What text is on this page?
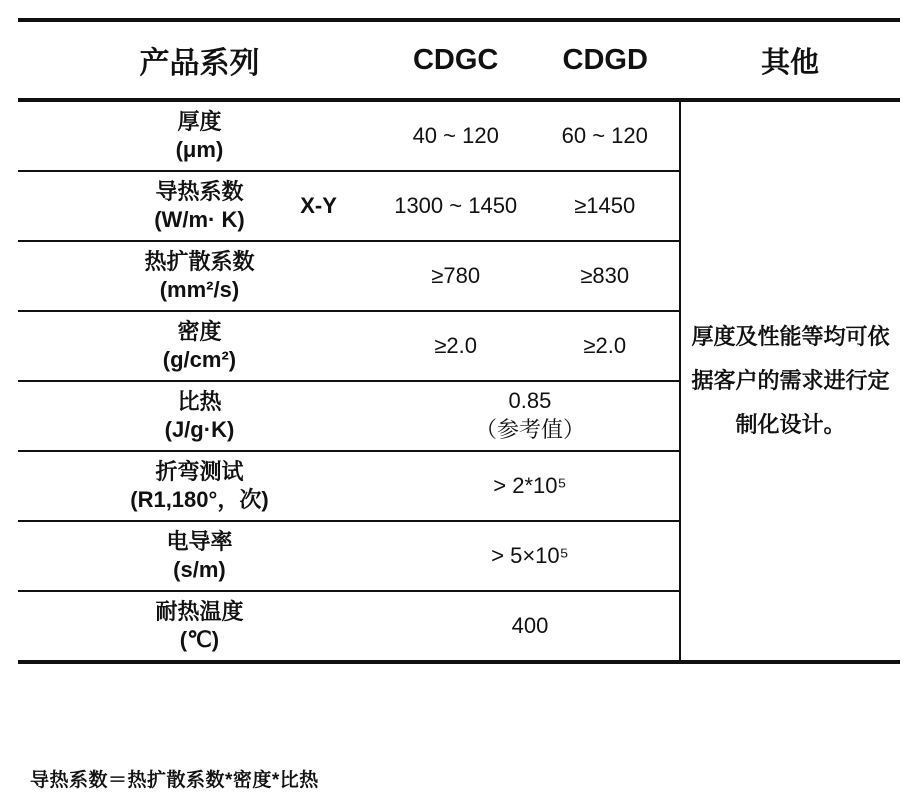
产品系列	CDGC	CDGD	其他

厚度
(μm)	40 ~ 120	60 ~ 120	厚度及性能等均可依
据客户的需求进行定
制化设计。

导热系数
(W/m· K)
X-Y	1300 ~ 1450	≥1450	

热扩散系数
(mm²/s)	≥780	≥830	

密度
(g/cm²)	≥2.0	≥2.0	

比热
(J/g·K)	0.85
（参考值）		

折弯测试
(R1,180°，次)	> 2*10⁵		

电导率
(s/m)	> 5×10⁵		

耐热温度
(℃)	400		
导热系数＝热扩散系数*密度*比热
